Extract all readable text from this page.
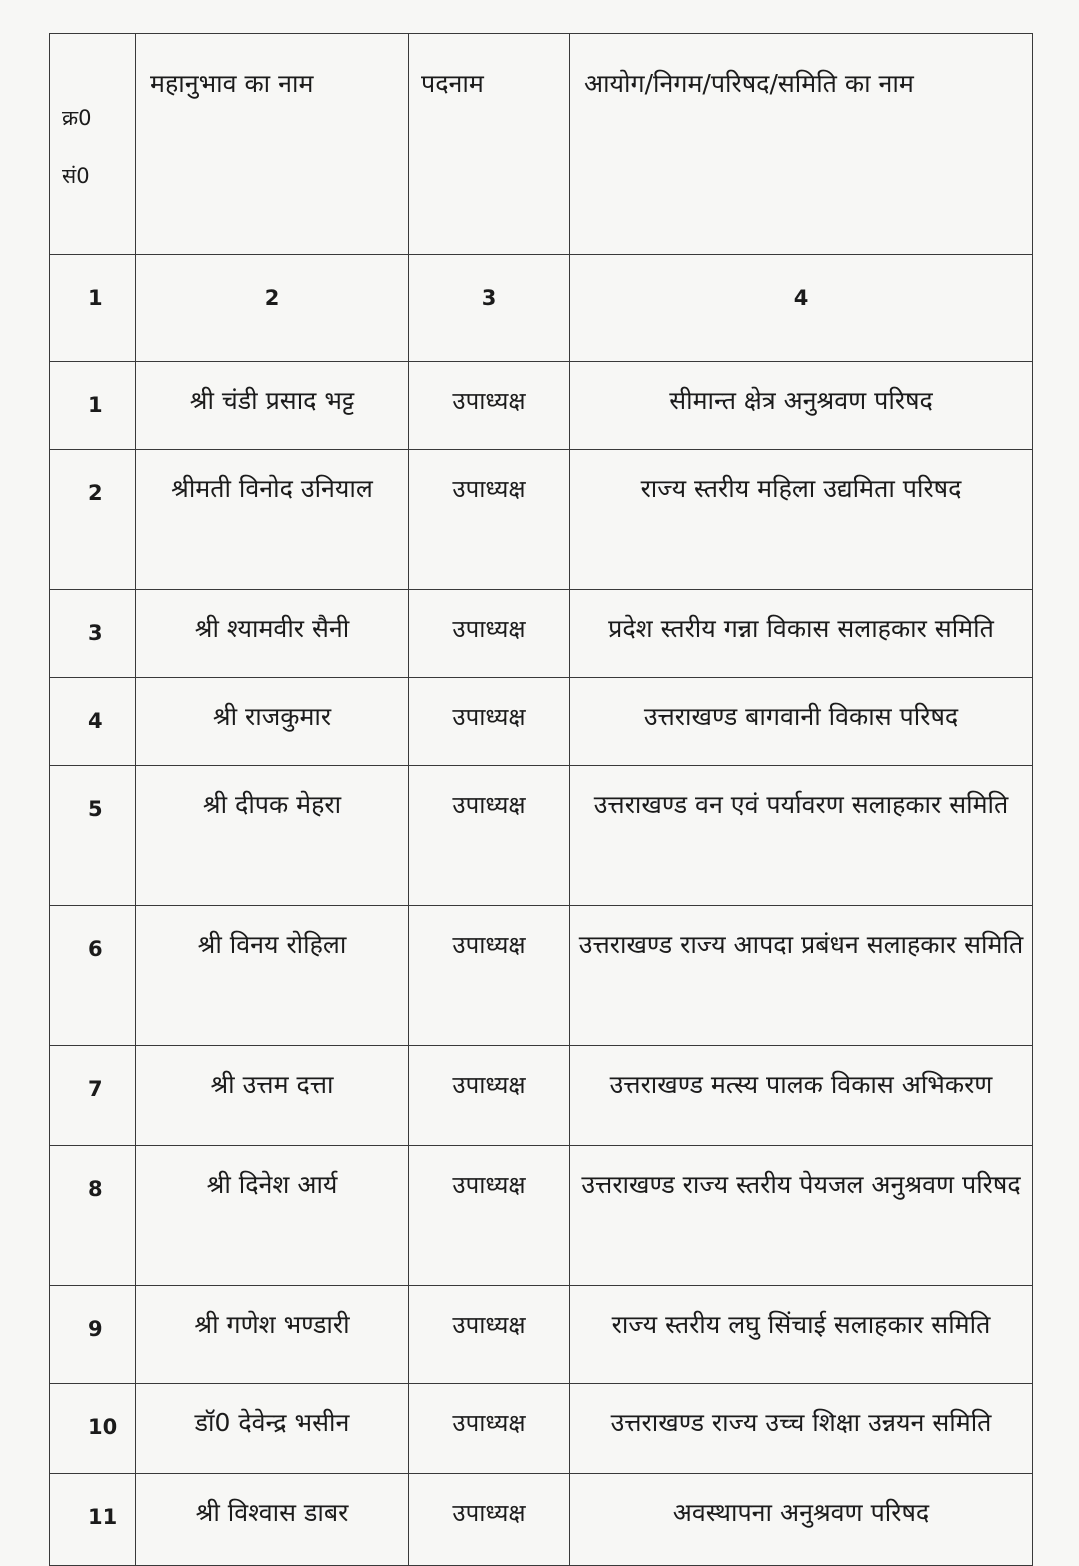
क्र0
सं0	महानुभाव का नाम	पदनाम	आयोग/निगम/परिषद/समिति का नाम
1	2	3	4
1	श्री चंडी प्रसाद भट्ट	उपाध्यक्ष	सीमान्त क्षेत्र अनुश्रवण परिषद
2	श्रीमती विनोद उनियाल	उपाध्यक्ष	राज्य स्तरीय महिला उद्यमिता परिषद
3	श्री श्यामवीर सैनी	उपाध्यक्ष	प्रदेश स्तरीय गन्ना विकास सलाहकार समिति
4	श्री राजकुमार	उपाध्यक्ष	उत्तराखण्ड बागवानी विकास परिषद
5	श्री दीपक मेहरा	उपाध्यक्ष	उत्तराखण्ड वन एवं पर्यावरण सलाहकार समिति
6	श्री विनय रोहिला	उपाध्यक्ष	उत्तराखण्ड राज्य आपदा प्रबंधन सलाहकार समिति
7	श्री उत्तम दत्ता	उपाध्यक्ष	उत्तराखण्ड मत्स्य पालक विकास अभिकरण
8	श्री दिनेश आर्य	उपाध्यक्ष	उत्तराखण्ड राज्य स्तरीय पेयजल अनुश्रवण परिषद
9	श्री गणेश भण्डारी	उपाध्यक्ष	राज्य स्तरीय लघु सिंचाई सलाहकार समिति
10	डॉ0 देवेन्द्र भसीन	उपाध्यक्ष	उत्तराखण्ड राज्य उच्च शिक्षा उन्नयन समिति
11	श्री विश्वास डाबर	उपाध्यक्ष	अवस्थापना अनुश्रवण परिषद
